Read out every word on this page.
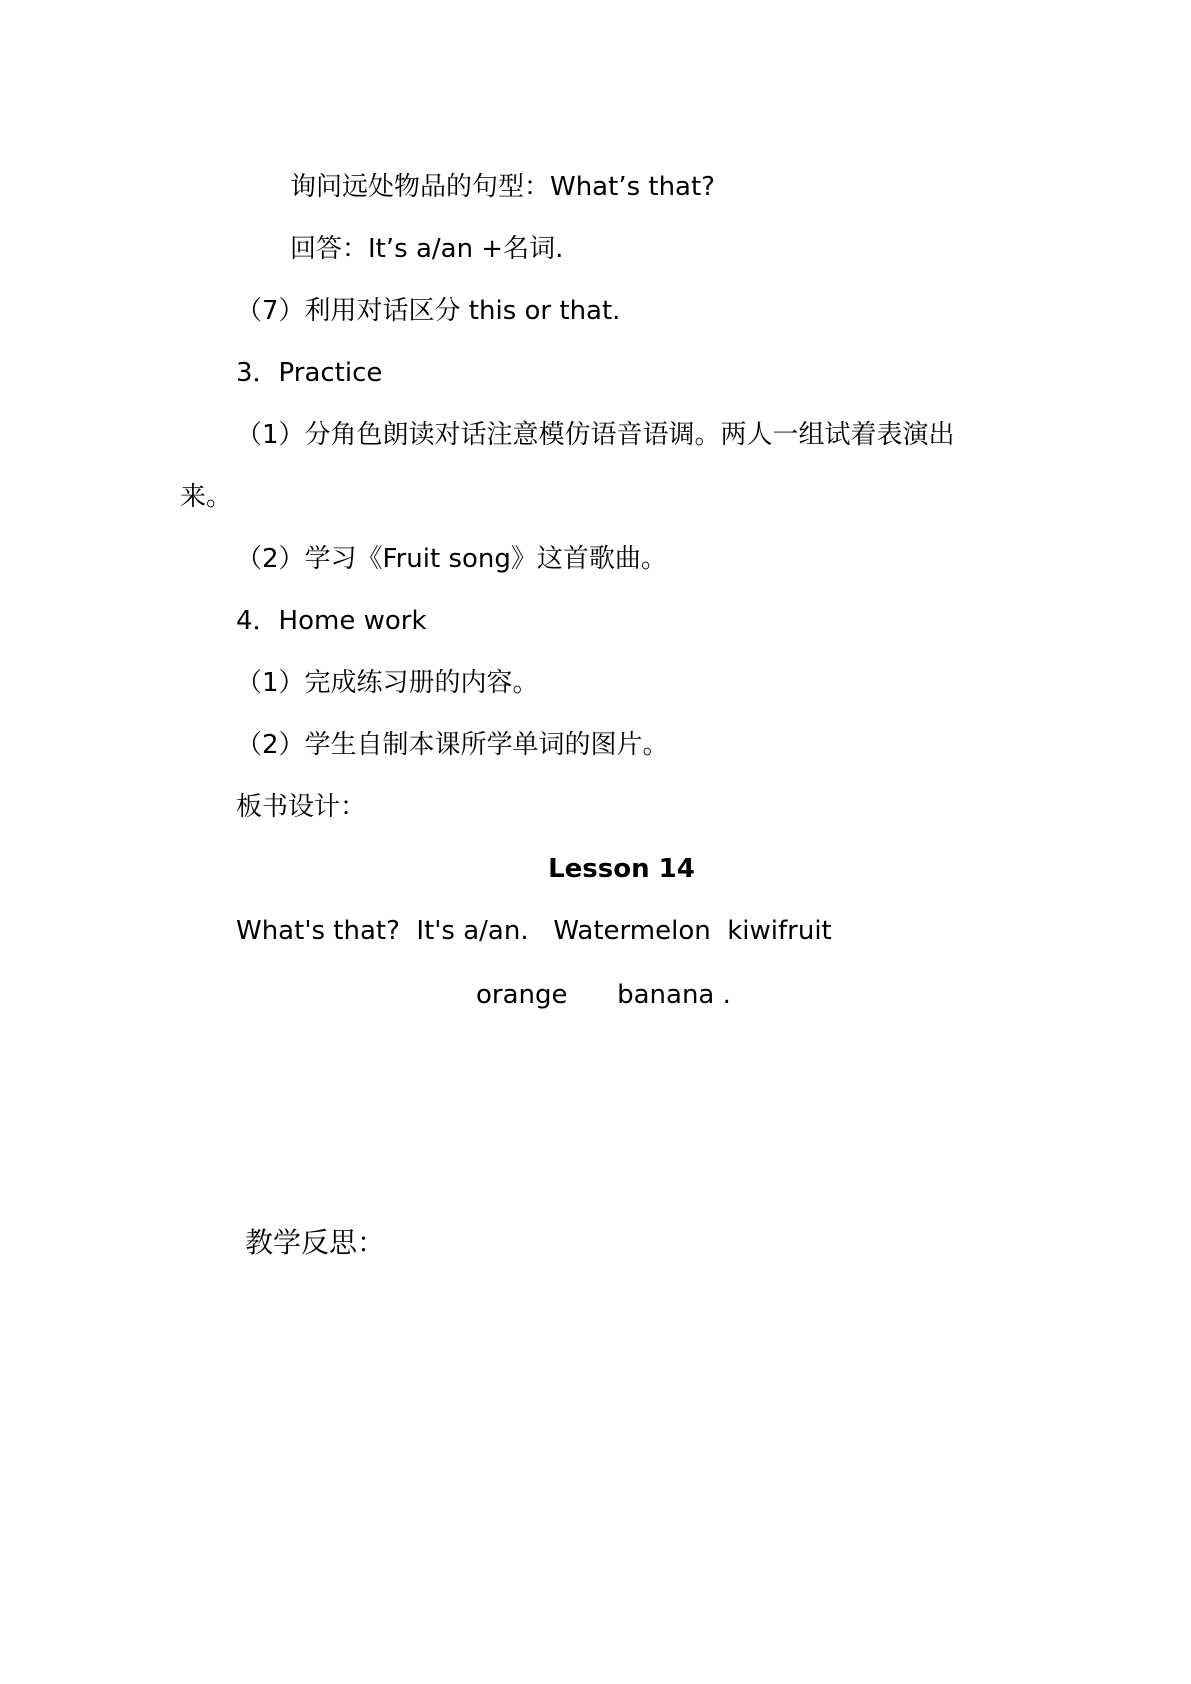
询问远处物品的句型：What’s that?
回答：It’s a/an +名词.
（7）利用对话区分 this or that.
3．Practice
（1）分角色朗读对话注意模仿语音语调。两人一组试着表演出
来。
（2）学习《Fruit song》这首歌曲。
4．Home work
（1）完成练习册的内容。
（2）学生自制本课所学单词的图片。
板书设计：
Lesson 14
What's that?  It's a/an.   Watermelon  kiwifruit
orange      banana .
教学反思：
